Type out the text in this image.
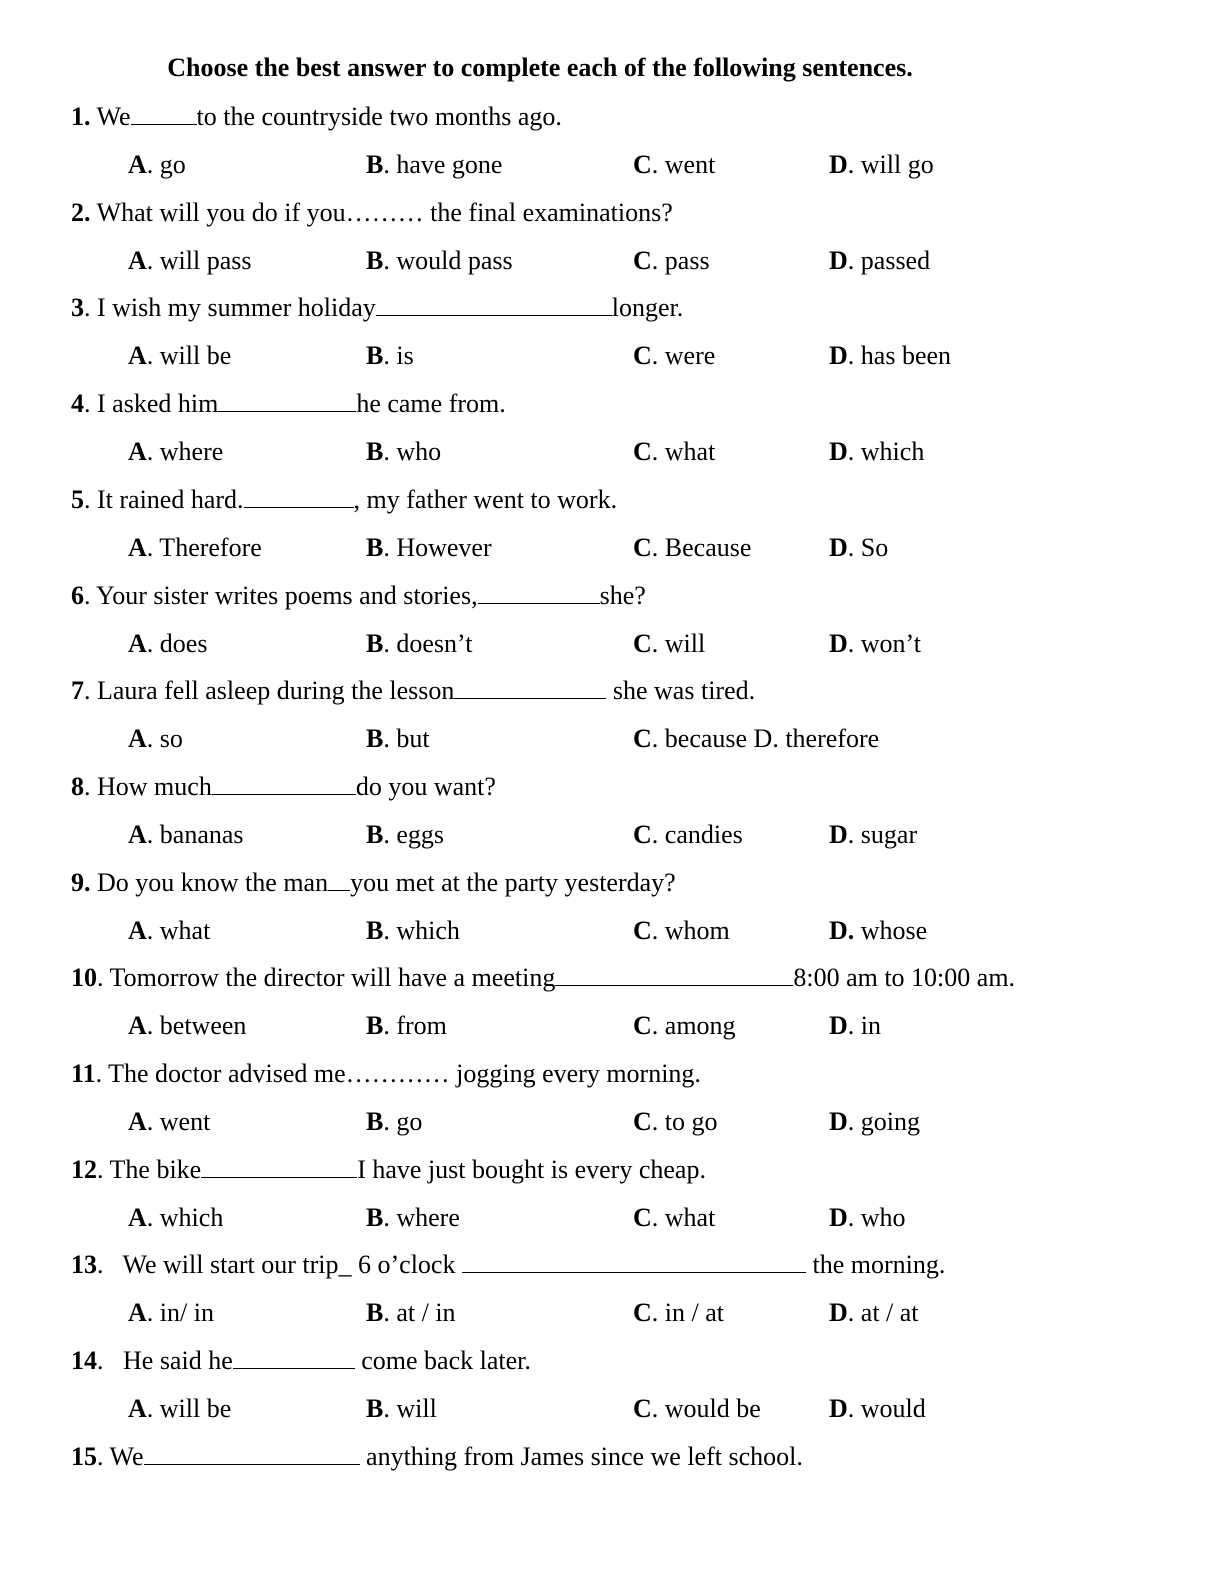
Choose the best answer to complete each of the following sentences.
1. We	to the countryside two months ago.
A. go	B. have gone	C. went	D. will go
2. What will you do if you……… the final examinations?
A. will pass	B. would pass	C. pass	D. passed
3. I wish my summer holiday	longer.
A. will be	B. is	C. were	D. has been
4. I asked him	he came from.
A. where	B. who	C. what	D. which
5. It rained hard.	, my father went to work.
A. Therefore	B. However	C. Because	D. So
6. Your sister writes poems and stories,	she?
A. does	B. doesn’t	C. will	D. won’t
7. Laura fell asleep during the lesson	she was tired.
A. so	B. but	C. because D. therefore
8. How much	do you want?
A. bananas	B. eggs	C. candies	D. sugar
9. Do you know the man you met at the party yesterday?
A. what	B. which	C. whom	D. whose
10. Tomorrow the director will have a meeting	8:00 am to 10:00 am.
A. between	B. from	C. among	D. in
11. The doctor advised me………… jogging every morning.
A. went	B. go	C. to go	D. going
12. The bike	I have just bought is every cheap.
A. which	B. where	C. what	D. who
13.   We will start our trip_ 6 o’clock	the morning.
A. in/ in	B. at / in	C. in / at	D. at / at
14.   He said he	come back later.
A. will be	B. will	C. would be	D. would
15. We	anything from James since we left school.
